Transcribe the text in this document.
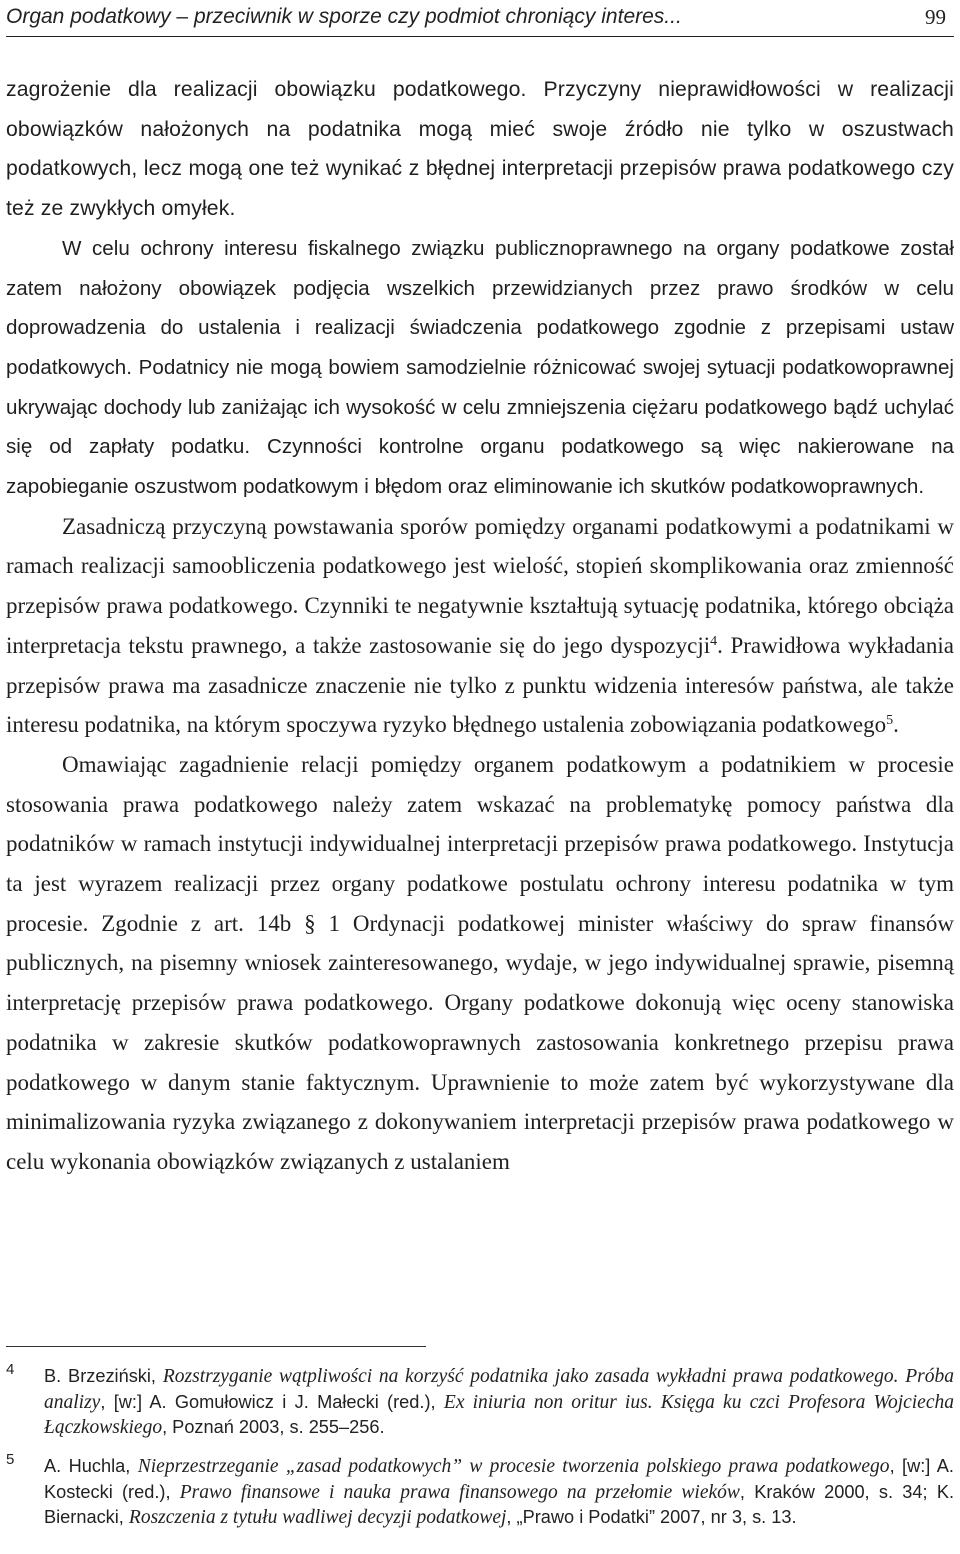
Organ podatkowy – przeciwnik w sporze czy podmiot chroniący interes...	99

zagrożenie dla realizacji obowiązku podatkowego. Przyczyny nieprawidłowości w realizacji obowiązków nałożonych na podatnika mogą mieć swoje źródło nie tylko w oszustwach podatkowych, lecz mogą one też wynikać z błędnej interpretacji przepisów prawa podatkowego czy też ze zwykłych omyłek.

W celu ochrony interesu fiskalnego związku publicznoprawnego na organy podatkowe został zatem nałożony obowiązek podjęcia wszelkich przewidzianych przez prawo środków w celu doprowadzenia do ustalenia i realizacji świadczenia podatkowego zgodnie z przepisami ustaw podatkowych. Podatnicy nie mogą bowiem samodzielnie różnicować swojej sytuacji podatkowoprawnej ukrywając dochody lub zaniżając ich wysokość w celu zmniejszenia ciężaru podatkowego bądź uchylać się od zapłaty podatku. Czynności kontrolne organu podatkowego są więc nakierowane na zapobieganie oszustwom podatkowym i błędom oraz eliminowanie ich skutków podatkowoprawnych.

Zasadniczą przyczyną powstawania sporów pomiędzy organami podatkowymi a podatnikami w ramach realizacji samoobliczenia podatkowego jest wielość, stopień skomplikowania oraz zmienność przepisów prawa podatkowego. Czynniki te negatywnie kształtują sytuację podatnika, którego obciąża interpretacja tekstu prawnego, a także zastosowanie się do jego dyspozycji$^4$. Prawidłowa wykładania przepisów prawa ma zasadnicze znaczenie nie tylko z punktu widzenia interesów państwa, ale także interesu podatnika, na którym spoczywa ryzyko błędnego ustalenia zobowiązania podatkowego$^5$.

Omawiając zagadnienie relacji pomiędzy organem podatkowym a podatnikiem w procesie stosowania prawa podatkowego należy zatem wskazać na problematykę pomocy państwa dla podatników w ramach instytucji indywidualnej interpretacji przepisów prawa podatkowego. Instytucja ta jest wyrazem realizacji przez organy podatkowe postulatu ochrony interesu podatnika w tym procesie. Zgodnie z art. 14b § 1 Ordynacji podatkowej minister właściwy do spraw finansów publicznych, na pisemny wniosek zainteresowanego, wydaje, w jego indywidualnej sprawie, pisemną interpretację przepisów prawa podatkowego. Organy podatkowe dokonują więc oceny stanowiska podatnika w zakresie skutków podatkowoprawnych zastosowania konkretnego przepisu prawa podatkowego w danym stanie faktycznym. Uprawnienie to może zatem być wykorzystywane dla minimalizowania ryzyka związanego z dokonywaniem interpretacji przepisów prawa podatkowego w celu wykonania obowiązków związanych z ustalaniem

4 B. Brzeziński, Rozstrzyganie wątpliwości na korzyść podatnika jako zasada wykładni prawa podatkowego. Próba analizy, [w:] A. Gomułowicz i J. Małecki (red.), Ex iniuria non oritur ius. Księga ku czci Profesora Wojciecha Łączkowskiego, Poznań 2003, s. 255–256.
5 A. Huchla, Nieprzestrzeganie „zasad podatkowych” w procesie tworzenia polskiego prawa podatkowego, [w:] A. Kostecki (red.), Prawo finansowe i nauka prawa finansowego na przełomie wieków, Kraków 2000, s. 34; K. Biernacki, Roszczenia z tytułu wadliwej decyzji podatkowej, „Prawo i Podatki” 2007, nr 3, s. 13.
